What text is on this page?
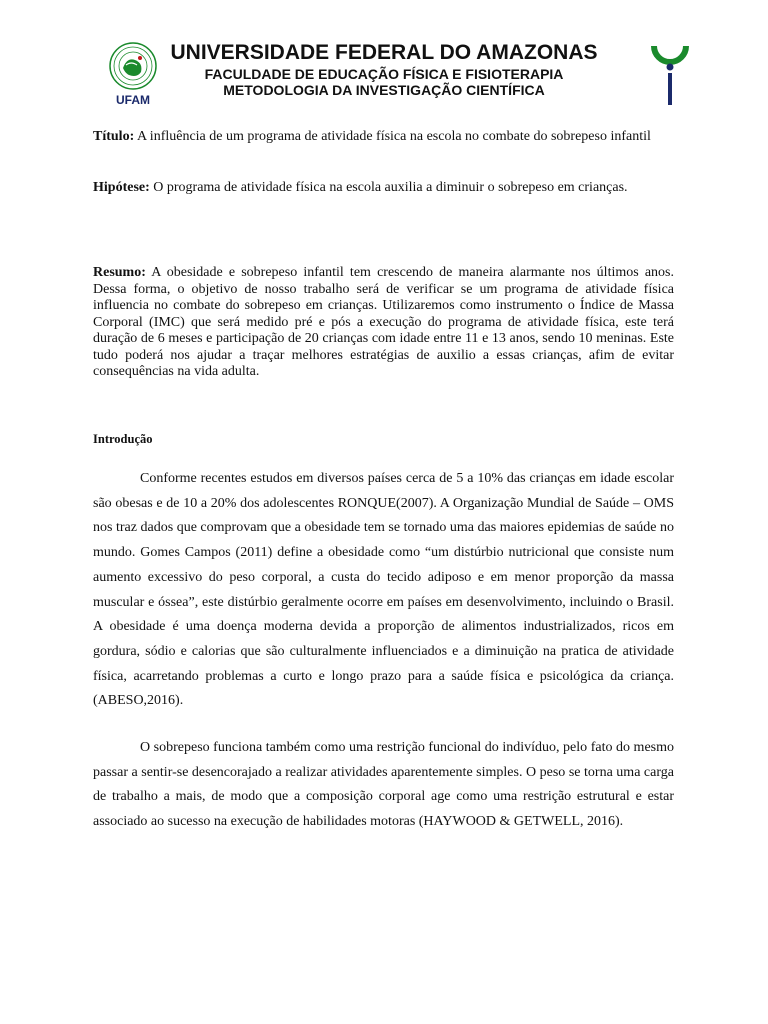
UFAM
UNIVERSIDADE FEDERAL DO AMAZONAS
FACULDADE DE EDUCAÇÃO FÍSICA E FISIOTERAPIA
METODOLOGIA DA INVESTIGAÇÃO CIENTÍFICA
Título: A influência de um programa de atividade física na escola no combate do sobrepeso infantil
Hipótese: O programa de atividade física na escola auxilia a diminuir o sobrepeso em crianças.
Resumo: A obesidade e sobrepeso infantil tem crescendo de maneira alarmante nos últimos anos. Dessa forma, o objetivo de nosso trabalho será de verificar se um programa de atividade física influencia no combate do sobrepeso em crianças. Utilizaremos como instrumento o Índice de Massa Corporal (IMC) que será medido pré e pós a execução do programa de atividade física, este terá duração de 6 meses e participação de 20 crianças com idade entre 11 e 13 anos, sendo 10 meninas. Este tudo poderá nos ajudar a traçar melhores estratégias de auxilio a essas crianças, afim de evitar consequências na vida adulta.
Introdução

Conforme recentes estudos em diversos países cerca de 5 a 10% das crianças em idade escolar são obesas e de 10 a 20% dos adolescentes RONQUE(2007). A Organização Mundial de Saúde – OMS nos traz dados que comprovam que a obesidade tem se tornado uma das maiores epidemias de saúde no mundo. Gomes Campos (2011) define a obesidade como “um distúrbio nutricional que consiste num aumento excessivo do peso corporal, a custa do tecido adiposo e em menor proporção da massa muscular e óssea”, este distúrbio geralmente ocorre em países em desenvolvimento, incluindo o Brasil. A obesidade é uma doença moderna devida a proporção de alimentos industrializados, ricos em gordura, sódio e calorias que são culturalmente influenciados e a diminuição na pratica de atividade física, acarretando problemas a curto e longo prazo para a saúde física e psicológica da criança. (ABESO,2016).

O sobrepeso funciona também como uma restrição funcional do indivíduo, pelo fato do mesmo passar a sentir-se desencorajado a realizar atividades aparentemente simples. O peso se torna uma carga de trabalho a mais, de modo que a composição corporal age como uma restrição estrutural e estar associado ao sucesso na execução de habilidades motoras (HAYWOOD & GETWELL, 2016).
